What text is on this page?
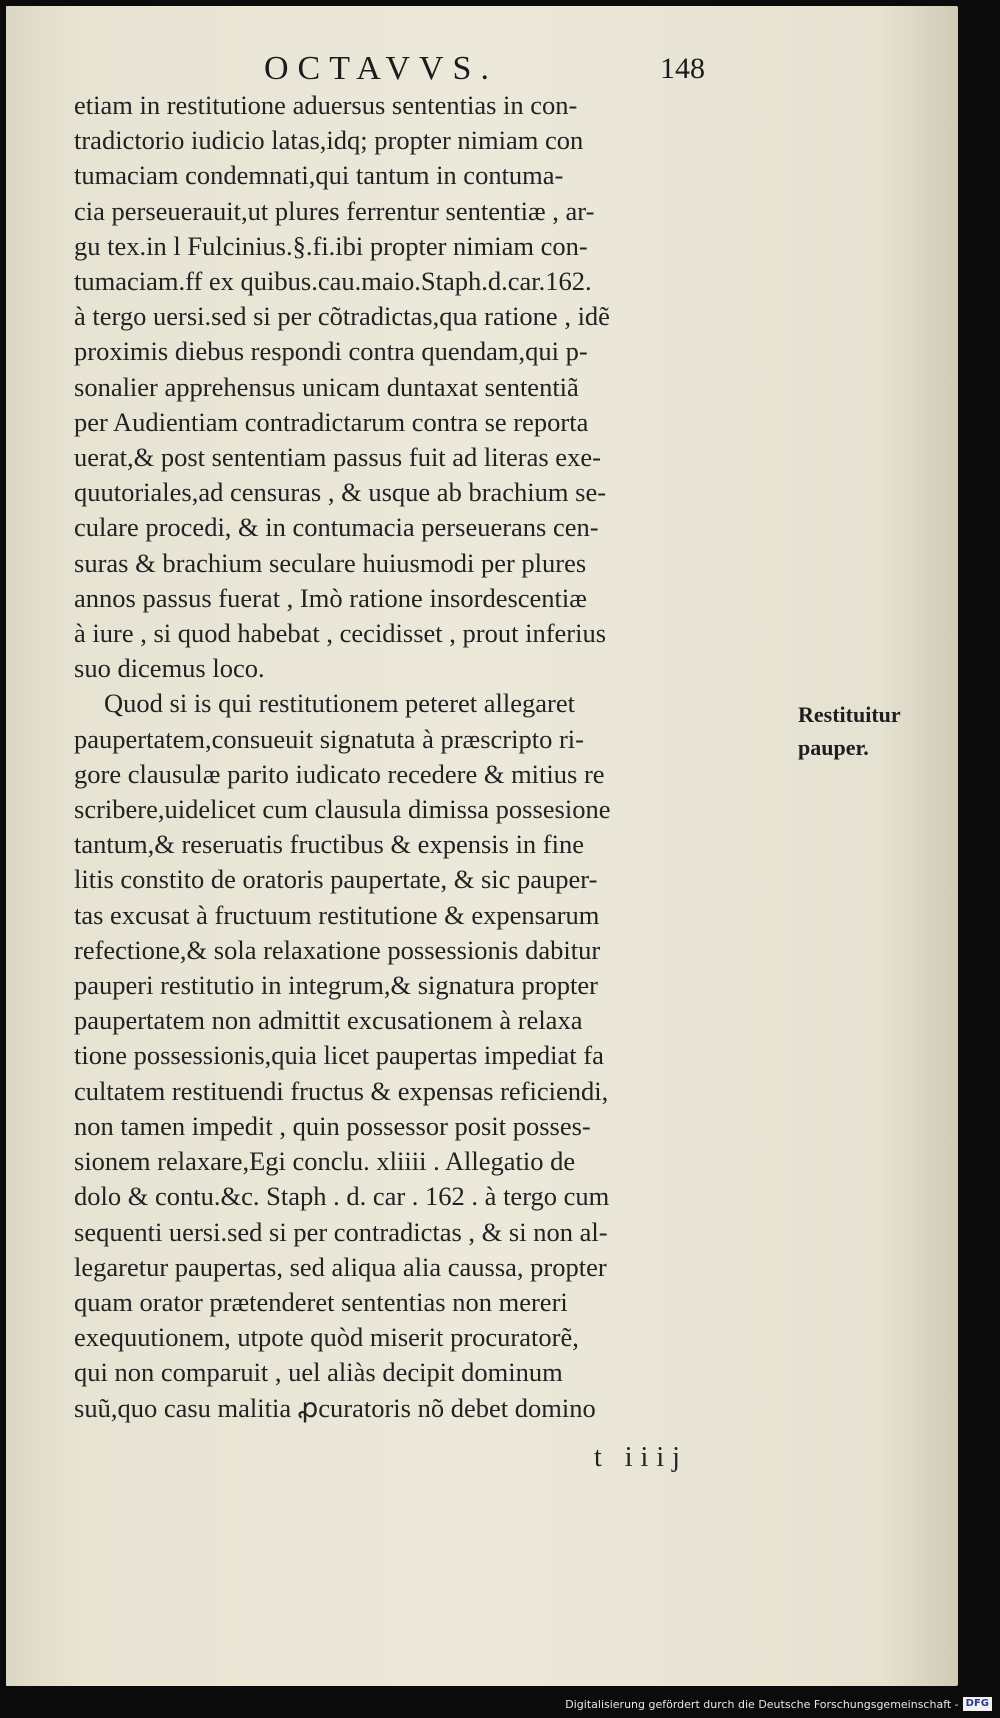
OCTAVVS.	148
etiam in restitutione aduersus sententias in con-
tradictorio iudicio latas,idq; propter nimiam con
tumaciam condemnati,qui tantum in contuma-
cia perseuerauit,ut plures ferrentur sententiæ , ar-
gu tex.in l Fulcinius.§.fi.ibi propter nimiam con-
tumaciam.ff ex quibus.cau.maio.Staph.d.car.162.
à tergo uersi.sed si per cõtradictas,qua ratione , idẽ
proximis diebus respondi contra quendam,qui p-
sonalier apprehensus unicam duntaxat sententiã
per Audientiam contradictarum contra se reporta
uerat,& post sententiam passus fuit ad literas exe-
quutoriales,ad censuras , & usque ab brachium se-
culare procedi, & in contumacia perseuerans cen-
suras & brachium seculare huiusmodi per plures
annos passus fuerat , Imò ratione insordescentiæ
à iure , si quod habebat , cecidisset , prout inferius
suo dicemus loco.
Quod si is qui restitutionem peteret allegaret
paupertatem,consueuit signatuta à præscripto ri-
gore clausulæ parito iudicato recedere & mitius re
scribere,uidelicet cum clausula dimissa possesione
tantum,& reseruatis fructibus & expensis in fine
litis constito de oratoris paupertate, & sic pauper-
tas excusat à fructuum restitutione & expensarum
refectione,& sola relaxatione possessionis dabitur
pauperi restitutio in integrum,& signatura propter
paupertatem non admittit excusationem à relaxa
tione possessionis,quia licet paupertas impediat fa
cultatem restituendi fructus & expensas reficiendi,
non tamen impedit , quin possessor posit posses-
sionem relaxare,Egi conclu. xliiii . Allegatio de
dolo & contu.&c. Staph . d. car . 162 . à tergo cum
sequenti uersi.sed si per contradictas , & si non al-
legaretur paupertas, sed aliqua alia caussa, propter
quam orator prætenderet sententias non mereri
exequutionem, utpote quòd miserit procuratorẽ,
qui non comparuit , uel aliàs decipit dominum
suũ,quo casu malitia ꝓcuratoris nõ debet domino
Restituitur
pauper.
t iiij
Digitalisierung gefördert durch die Deutsche Forschungsgemeinschaft - DFG
